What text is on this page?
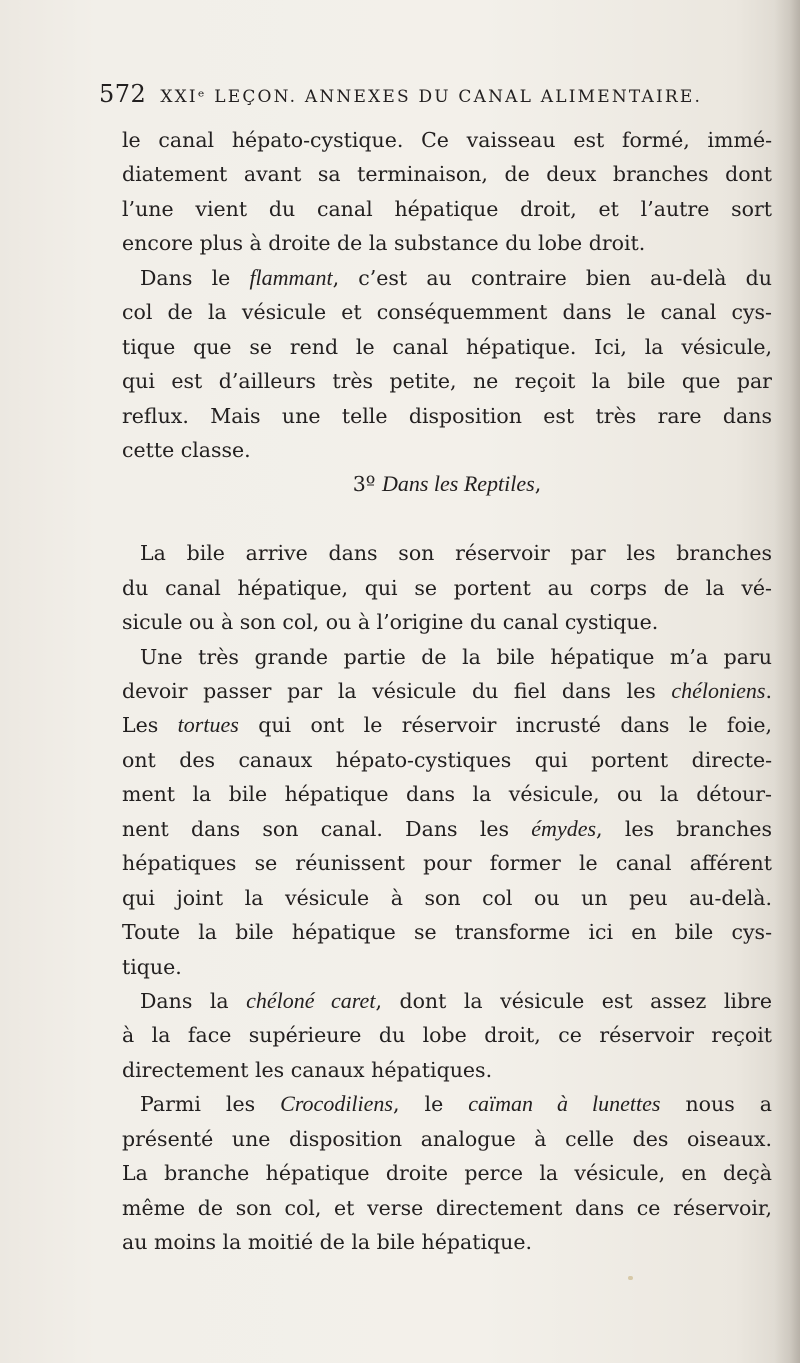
572 XXIᵉ LEÇON. ANNEXES DU CANAL ALIMENTAIRE.
le canal hépato-cystique. Ce vaisseau est formé, immé-
diatement avant sa terminaison, de deux branches dont
l’une vient du canal hépatique droit, et l’autre sort
encore plus à droite de la substance du lobe droit.
Dans le flammant, c’est au contraire bien au-delà du
col de la vésicule et conséquemment dans le canal cys-
tique que se rend le canal hépatique. Ici, la vésicule,
qui est d’ailleurs très petite, ne reçoit la bile que par
reflux. Mais une telle disposition est très rare dans
cette classe.
3º Dans les Reptiles,
La bile arrive dans son réservoir par les branches
du canal hépatique, qui se portent au corps de la vé-
sicule ou à son col, ou à l’origine du canal cystique.
Une très grande partie de la bile hépatique m’a paru
devoir passer par la vésicule du fiel dans les chéloniens.
Les tortues qui ont le réservoir incrusté dans le foie,
ont des canaux hépato-cystiques qui portent directe-
ment la bile hépatique dans la vésicule, ou la détour-
nent dans son canal. Dans les émydes, les branches
hépatiques se réunissent pour former le canal afférent
qui joint la vésicule à son col ou un peu au-delà.
Toute la bile hépatique se transforme ici en bile cys-
tique.
Dans la chéloné caret, dont la vésicule est assez libre
à la face supérieure du lobe droit, ce réservoir reçoit
directement les canaux hépatiques.
Parmi les Crocodiliens, le caïman à lunettes nous a
présenté une disposition analogue à celle des oiseaux.
La branche hépatique droite perce la vésicule, en deçà
même de son col, et verse directement dans ce réservoir,
au moins la moitié de la bile hépatique.
